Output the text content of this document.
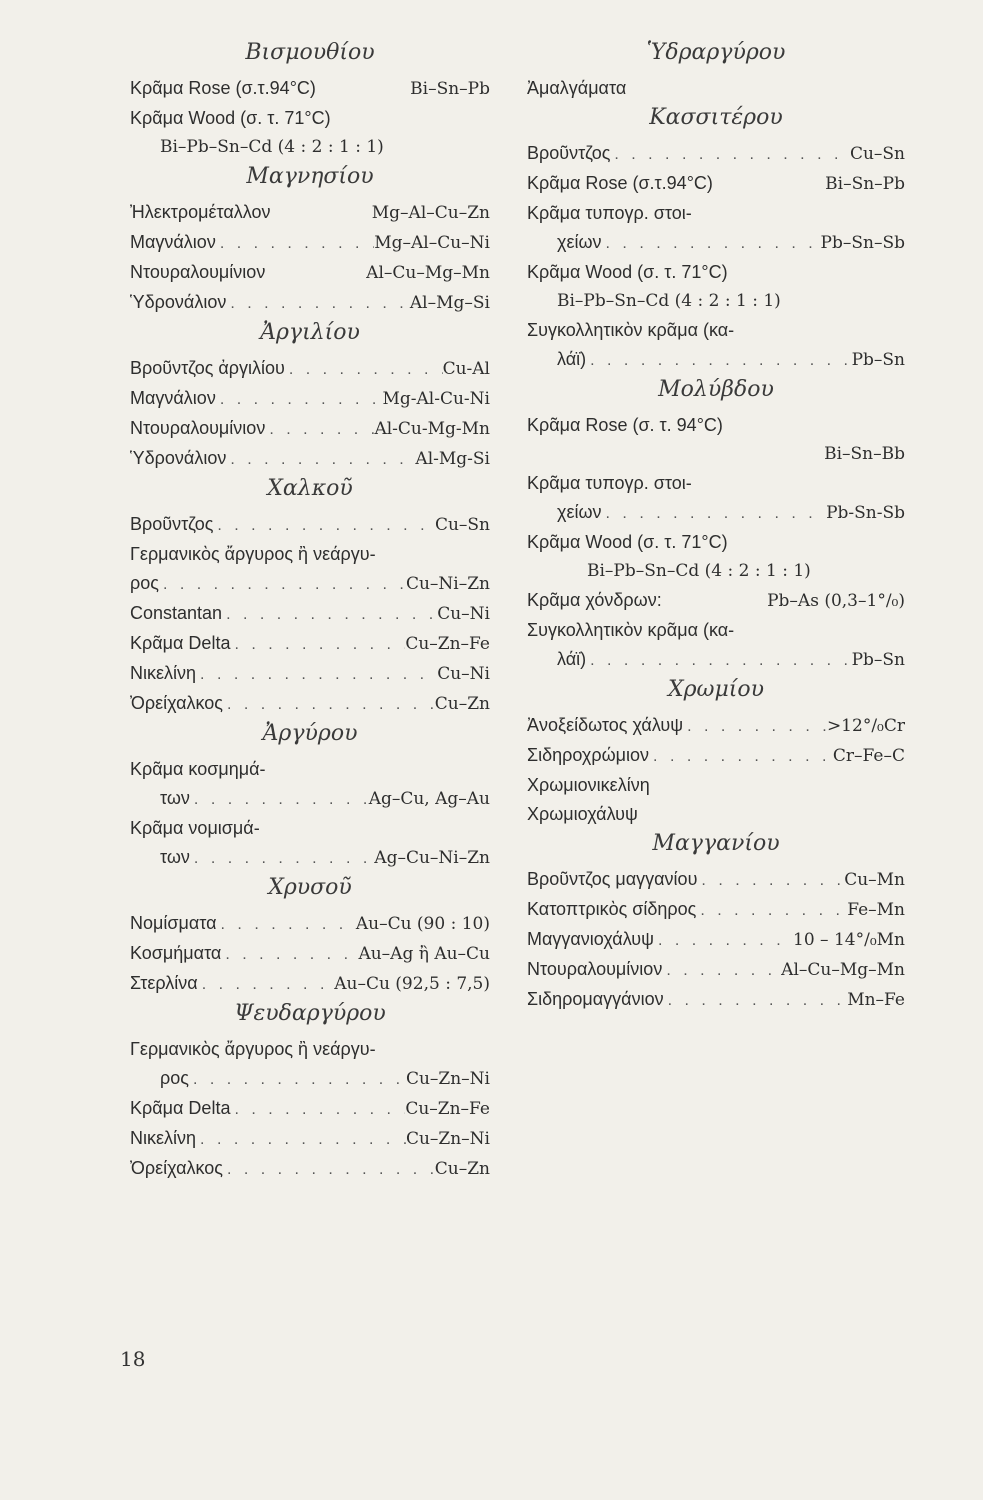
Βισμουθίου
Κρᾶμα Rose (σ.τ.94°C)	Bi–Sn–Pb
Κρᾶμα Wood (σ. τ. 71°C)
Bi–Pb–Sn–Cd (4 : 2 : 1 : 1)
Μαγνησίου
Ἠλεκτρομέταλλον	Mg–Al–Cu–Zn
Μαγνάλιον . . .	Mg–Al–Cu–Ni
Ντουραλουμίνιον	Al–Cu–Mg–Mn
Ὑδρονάλιον . . .	Al–Mg–Si
Ἀργιλίου
Βροῦντζος ἀργιλίου . . .	Cu-Al
Μαγνάλιον . . .	Mg-Al-Cu-Ni
Ντουραλουμίνιον . . .	Al-Cu-Mg-Mn
Ὑδρονάλιον . . .	Al-Mg-Si
Χαλκοῦ
Βροῦντζος . . .	Cu–Sn
Γερμανικὸς ἄργυρος ἢ νεάργυ-
ρος . . .	Cu–Ni–Zn
Constantan . . .	Cu–Ni
Κρᾶμα Delta . . .	Cu–Zn–Fe
Νικελίνη . . .	Cu–Ni
Ὀρείχαλκος . . .	Cu–Zn
Ἀργύρου
Κρᾶμα κοσμημά-
των . . .	Ag–Cu, Ag–Au
Κρᾶμα νομισμά-
των . . .	Ag–Cu–Ni–Zn
Χρυσοῦ
Νομίσματα . . .	Au–Cu (90 : 10)
Κοσμήματα . . .	Au–Ag ἢ Au–Cu
Στερλίνα . . .	Au–Cu (92,5 : 7,5)
Ψευδαργύρου
Γερμανικὸς ἄργυρος ἢ νεάργυ-
ρος . . .	Cu–Zn–Ni
Κρᾶμα Delta . . .	Cu–Zn–Fe
Νικελίνη . . .	Cu–Zn–Ni
Ὀρείχαλκος . . .	Cu–Zn
Ὑδραργύρου
Ἀμαλγάματα
Κασσιτέρου
Βροῦντζος . . .	Cu–Sn
Κρᾶμα Rose (σ.τ.94°C)	Bi–Sn–Pb
Κρᾶμα τυπογρ. στοι-
χείων . . .	Pb–Sn–Sb
Κρᾶμα Wood (σ. τ. 71°C)
Bi–Pb–Sn–Cd (4 : 2 : 1 : 1)
Συγκολλητικὸν κρᾶμα (κα-
λάϊ) . . .	Pb–Sn
Μολύβδου
Κρᾶμα Rose (σ. τ. 94°C)
Bi–Sn–Bb
Κρᾶμα τυπογρ. στοι-
χείων . . .	Pb-Sn-Sb
Κρᾶμα Wood (σ. τ. 71°C)
Bi–Pb–Sn–Cd (4 : 2 : 1 : 1)
Κρᾶμα χόνδρων:	Pb–As (0,3–1°/₀)
Συγκολλητικὸν κρᾶμα (κα-
λάϊ) . . .	Pb–Sn
Χρωμίου
Ἀνοξείδωτος χάλυψ . . .	>12°/₀Cr
Σιδηροχρώμιον . . .	Cr–Fe–C
Χρωμιονικελίνη
Χρωμιοχάλυψ
Μαγγανίου
Βροῦντζος μαγγανίου . . .	Cu–Mn
Κατοπτρικὸς σίδηρος . . .	Fe–Mn
Μαγγανιοχάλυψ . . .	10 – 14°/₀Mn
Ντουραλουμίνιον . . .	Al–Cu–Mg–Mn
Σιδηρομαγγάνιον . . .	Mn–Fe
18
